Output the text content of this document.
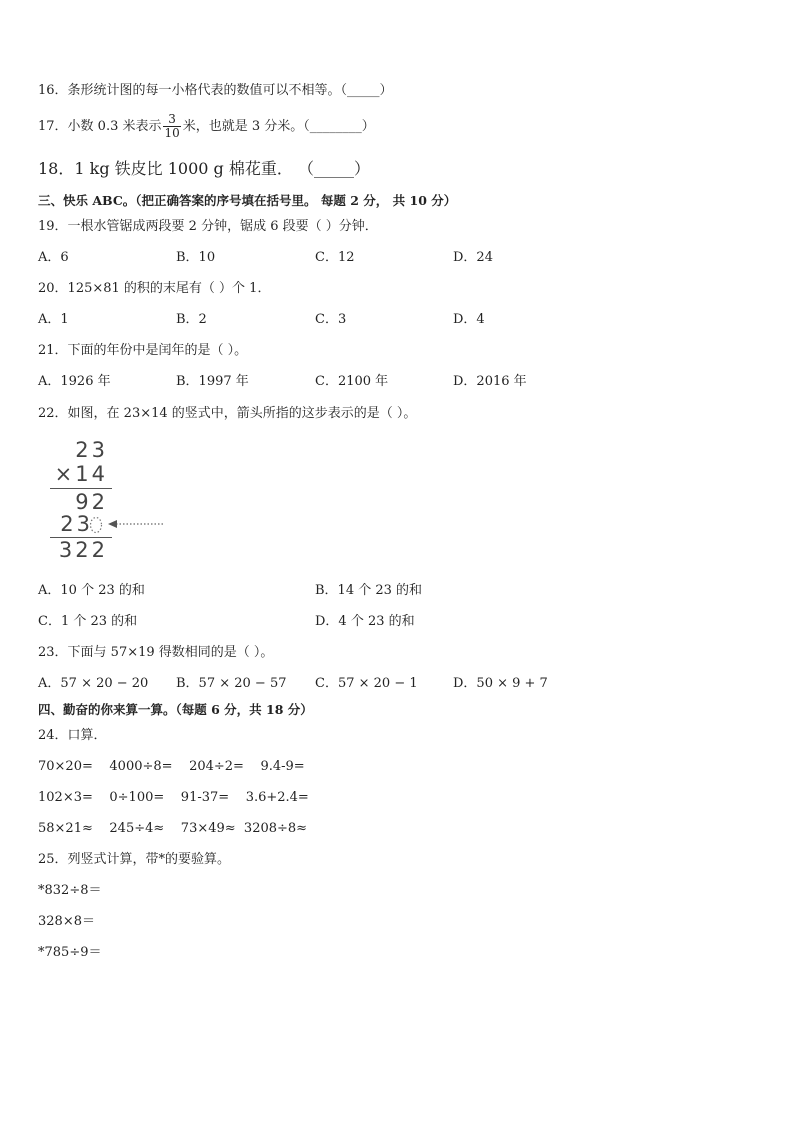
16．条形统计图的每一小格代表的数值可以不相等。（_____）
17．小数 0.3 米表示 $\frac{3}{10}$ 米，也就是 3 分米。（________）
18．1 kg 铁皮比 1000 g 棉花重． （_____）
三、快乐 ABC。（把正确答案的序号填在括号里。 每题 2 分， 共 10 分）
19．一根水管锯成两段要 2 分钟，锯成 6 段要（ ）分钟．
A．6	B．10	C．12	D．24
20．125×81 的积的末尾有（ ）个 1．
A．1	B．2	C．3	D．4
21．下面的年份中是闰年的是（ ）。
A．1926 年	B．1997 年	C．2100 年	D．2016 年
22．如图，在 23×14 的竖式中，箭头所指的这步表示的是（ ）。
23
×14
92
23
322
A．10 个 23 的和	B．14 个 23 的和
C．1 个 23 的和	D．4 个 23 的和
23．下面与 57×19 得数相同的是（ ）。
A．57 × 20 − 20 B．57 × 20 − 57 C．57 × 20 − 1	D．50 × 9 + 7
四、勤奋的你来算一算。（每题 6 分，共 18 分）
24．口算．
70×20=    4000÷8=    204÷2=    9.4-9=
102×3=    0÷100=    91-37=    3.6+2.4=
58×21≈    245÷4≈    73×49≈  3208÷8≈
25．列竖式计算，带*的要验算。
*832÷8＝
328×8＝
*785÷9＝
